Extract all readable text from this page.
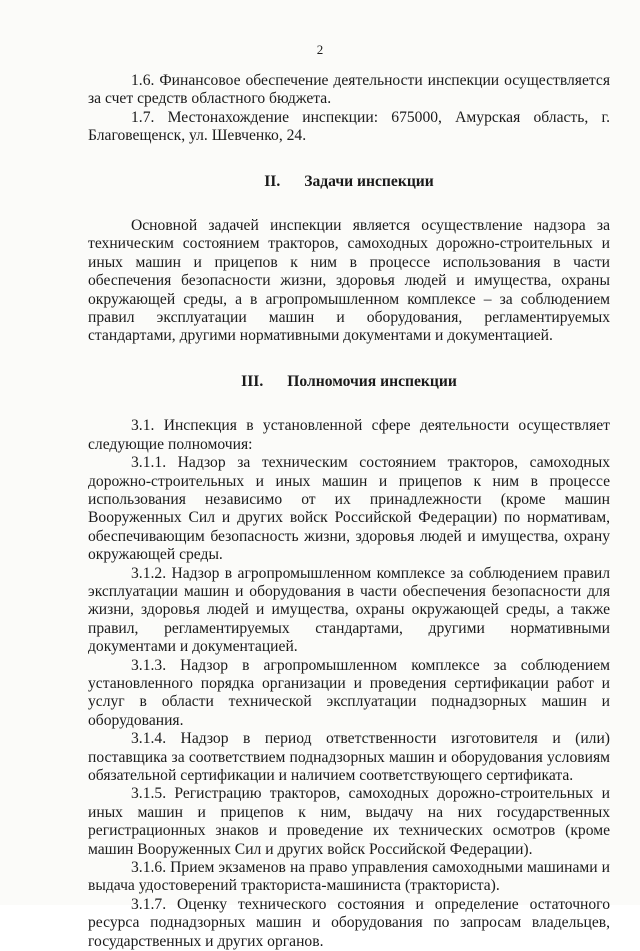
2

1.6. Финансовое обеспечение деятельности инспекции осуществляется за счет средств областного бюджета.

1.7. Местонахождение инспекции: 675000, Амурская область, г. Благовещенск, ул. Шевченко, 24.

II. Задачи инспекции

Основной задачей инспекции является осуществление надзора за техническим состоянием тракторов, самоходных дорожно-строительных и иных машин и прицепов к ним в процессе использования в части обеспечения безопасности жизни, здоровья людей и имущества, охраны окружающей среды, а в агропромышленном комплексе – за соблюдением правил эксплуатации машин и оборудования, регламентируемых стандартами, другими нормативными документами и документацией.

III. Полномочия инспекции

3.1. Инспекция в установленной сфере деятельности осуществляет следующие полномочия:

3.1.1. Надзор за техническим состоянием тракторов, самоходных дорожно-строительных и иных машин и прицепов к ним в процессе использования независимо от их принадлежности (кроме машин Вооруженных Сил и других войск Российской Федерации) по нормативам, обеспечивающим безопасность жизни, здоровья людей и имущества, охрану окружающей среды.

3.1.2. Надзор в агропромышленном комплексе за соблюдением правил эксплуатации машин и оборудования в части обеспечения безопасности для жизни, здоровья людей и имущества, охраны окружающей среды, а также правил, регламентируемых стандартами, другими нормативными документами и документацией.

3.1.3. Надзор в агропромышленном комплексе за соблюдением установленного порядка организации и проведения сертификации работ и услуг в области технической эксплуатации поднадзорных машин и оборудования.

3.1.4. Надзор в период ответственности изготовителя и (или) поставщика за соответствием поднадзорных машин и оборудования условиям обязательной сертификации и наличием соответствующего сертификата.

3.1.5. Регистрацию тракторов, самоходных дорожно-строительных и иных машин и прицепов к ним, выдачу на них государственных регистрационных знаков и проведение их технических осмотров (кроме машин Вооруженных Сил и других войск Российской Федерации).

3.1.6. Прием экзаменов на право управления самоходными машинами и выдача удостоверений тракториста-машиниста (тракториста).

3.1.7. Оценку технического состояния и определение остаточного ресурса поднадзорных машин и оборудования по запросам владельцев, государственных и других органов.
